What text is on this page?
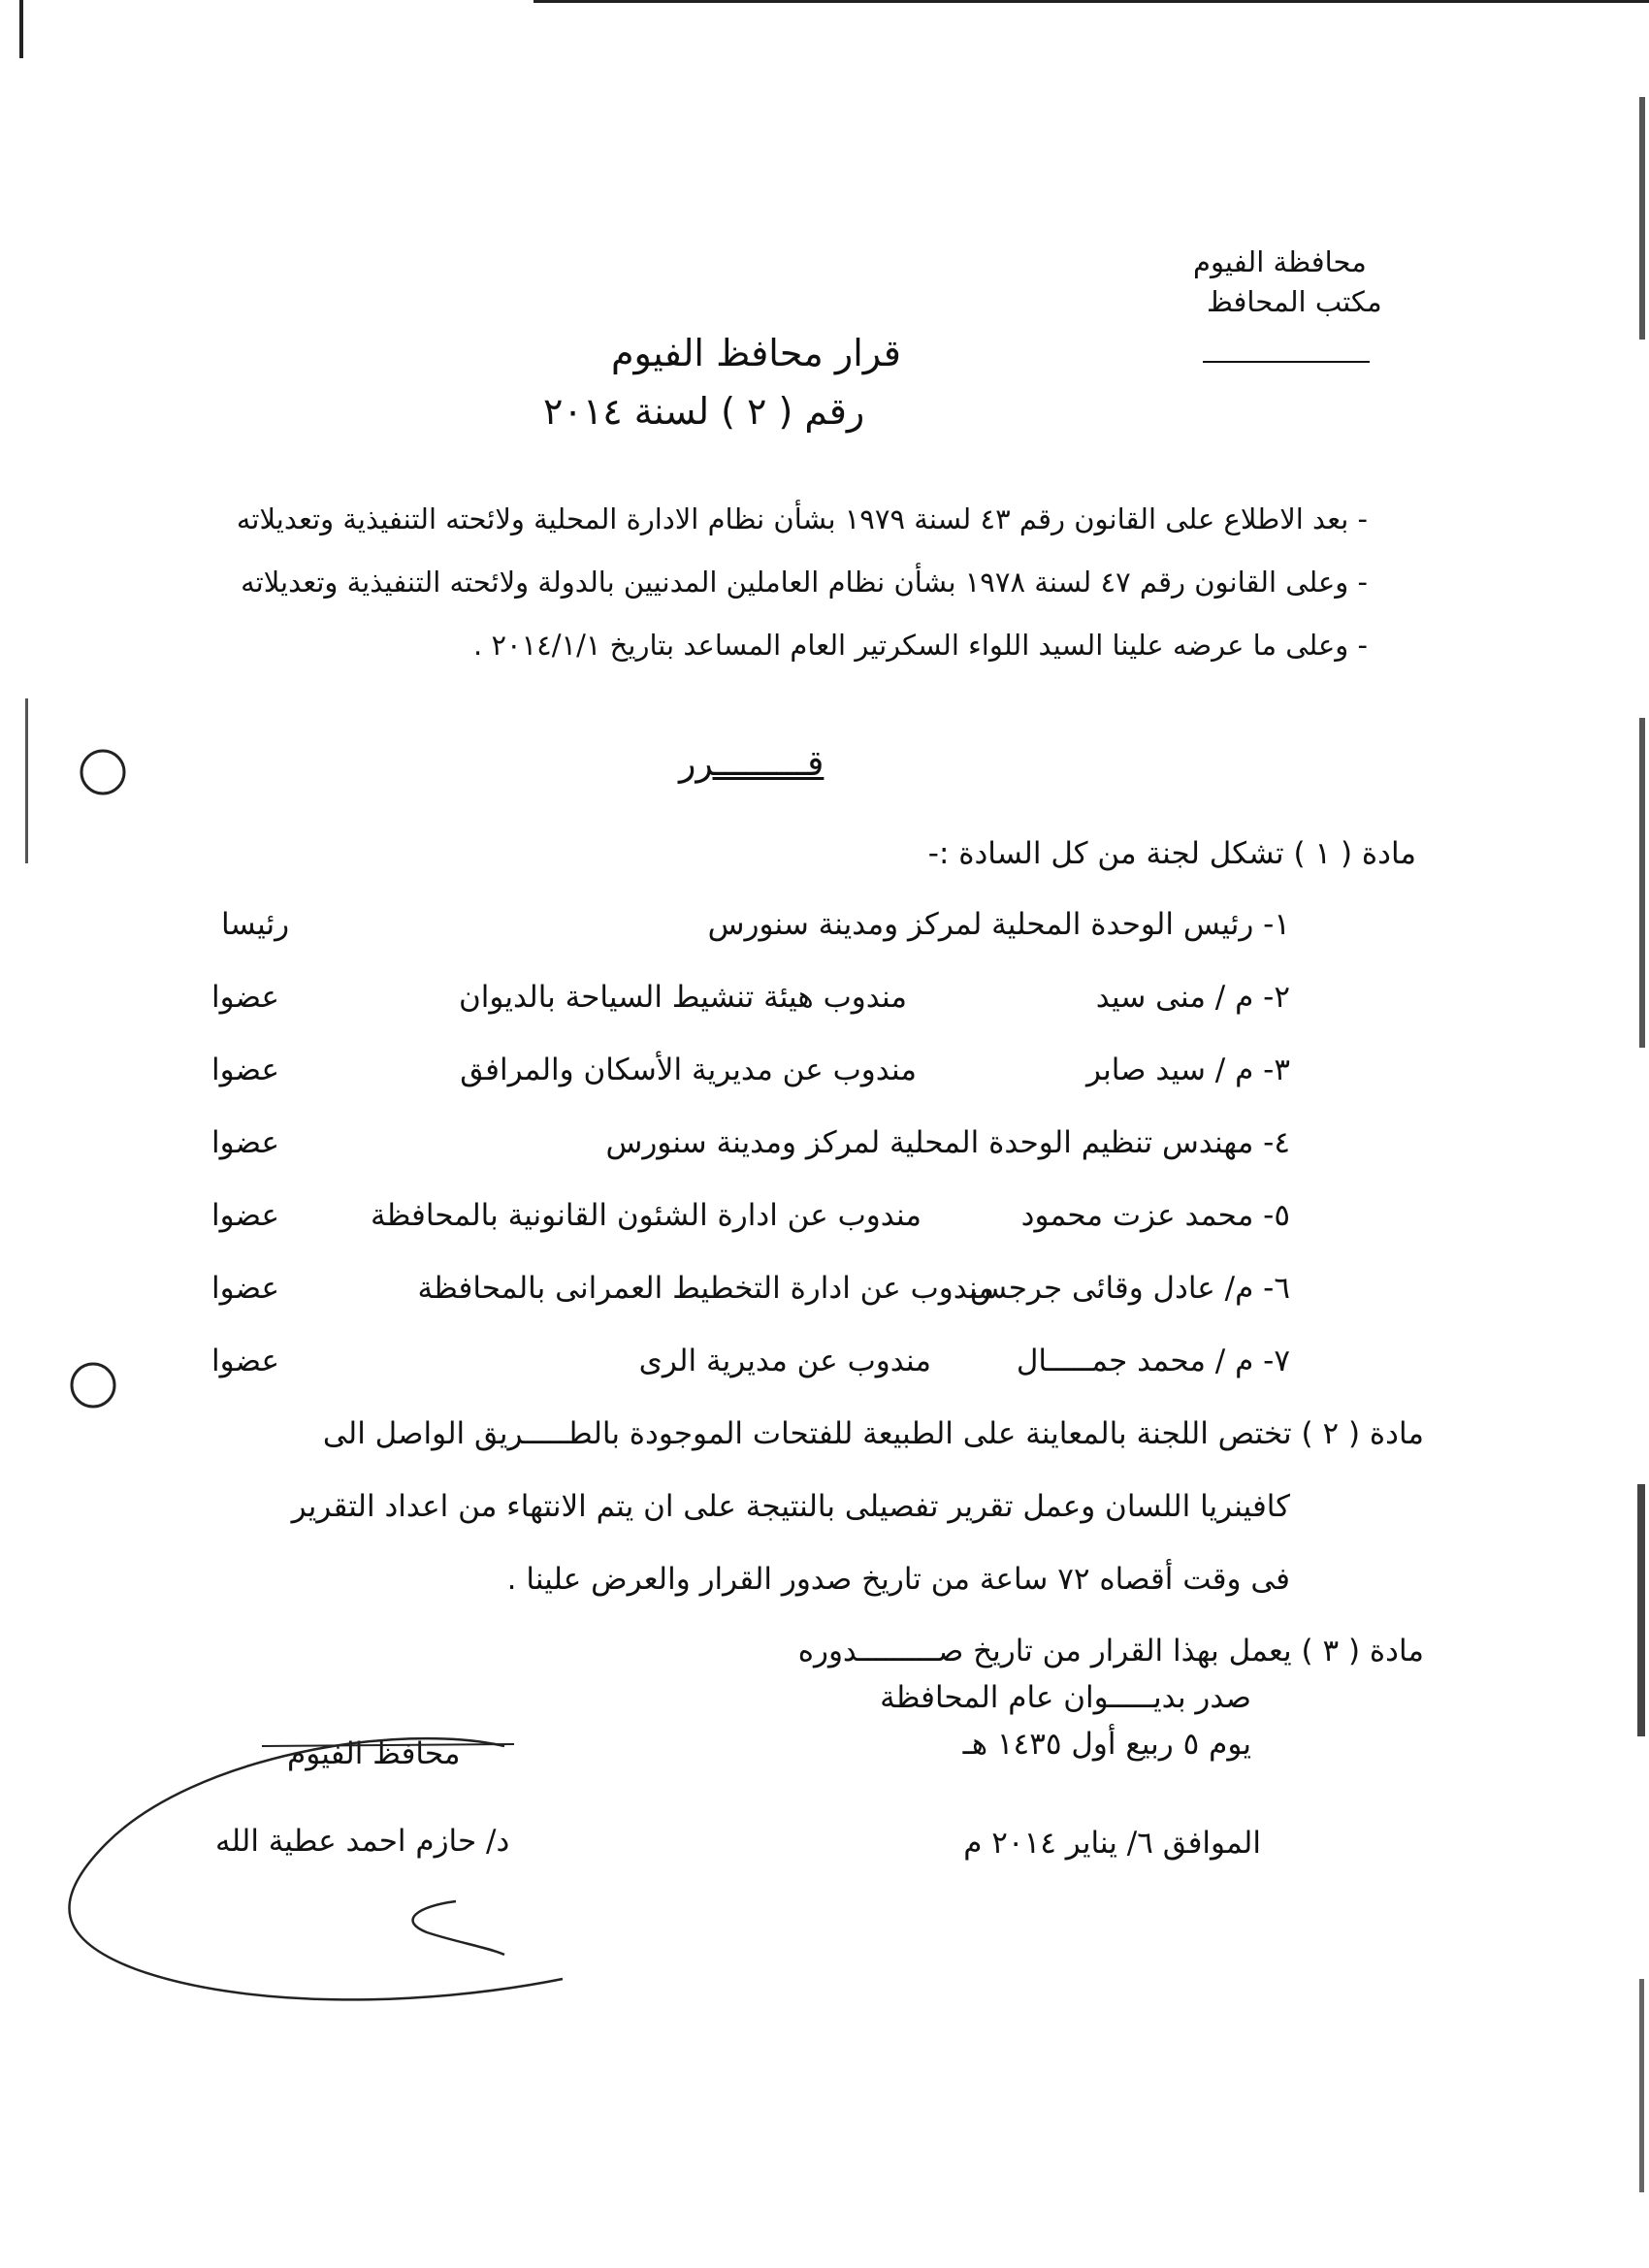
محافظة الفيوم
مكتب المحافظ
قرار محافظ الفيوم
رقم ( ٢ ) لسنة ٢٠١٤
- بعد الاطلاع على القانون رقم ٤٣ لسنة ١٩٧٩ بشأن نظام الادارة المحلية ولائحته التنفيذية وتعديلاته
- وعلى القانون رقم ٤٧ لسنة ١٩٧٨ بشأن نظام العاملين المدنيين بالدولة ولائحته التنفيذية وتعديلاته
- وعلى ما عرضه علينا السيد اللواء السكرتير العام المساعد بتاريخ ٢٠١٤/١/١ .
قـــــــــرر
مادة ( ١ ) تشكل لجنة من كل السادة :-
١- رئيس الوحدة المحلية لمركز ومدينة سنورس
رئيسا
٢- م / منى سيد
مندوب هيئة تنشيط السياحة بالديوان
عضوا
٣- م / سيد صابر
مندوب عن مديرية الأسكان والمرافق
عضوا
٤- مهندس تنظيم الوحدة المحلية لمركز ومدينة سنورس
عضوا
٥- محمد عزت محمود
مندوب عن ادارة الشئون القانونية بالمحافظة
عضوا
٦- م/ عادل وقائى جرجس
مندوب عن ادارة التخطيط العمرانى بالمحافظة
عضوا
٧- م / محمد جمـــــال
مندوب عن مديرية الرى
عضوا
مادة ( ٢ ) تختص اللجنة بالمعاينة على الطبيعة للفتحات الموجودة بالطـــــريق الواصل الى
كافينريا اللسان وعمل تقرير تفصيلى بالنتيجة على ان يتم الانتهاء من اعداد التقرير
فى وقت أقصاه ٧٢ ساعة من تاريخ صدور القرار والعرض علينا .
مادة ( ٣ ) يعمل بهذا القرار من تاريخ صـــــــــدوره
صدر بديـــــوان عام المحافظة
يوم ٥ ربيع أول ١٤٣٥ هـ
الموافق ٦/ يناير ٢٠١٤ م
محافظ الفيوم
د/ حازم احمد عطية الله
